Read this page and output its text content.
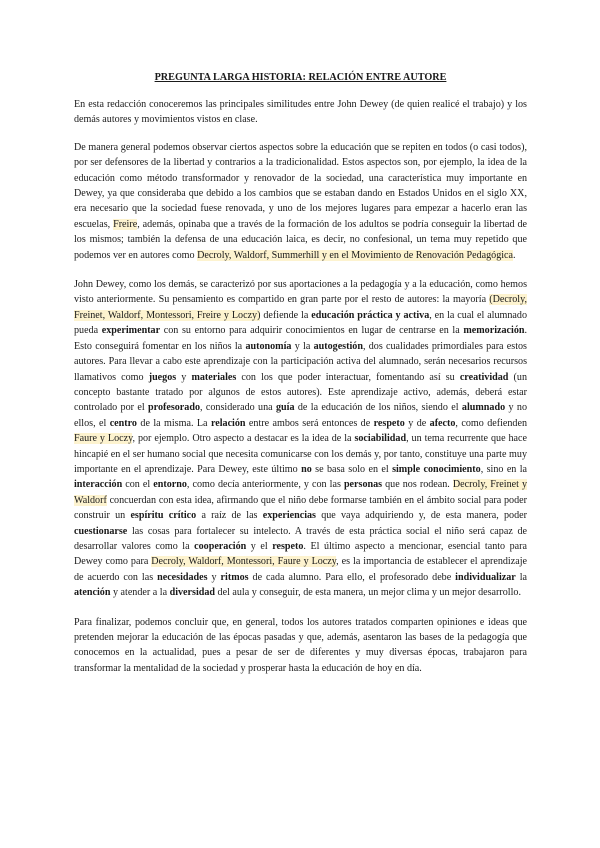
PREGUNTA LARGA HISTORIA: RELACIÓN ENTRE AUTORE

En esta redacción conoceremos las principales similitudes entre John Dewey (de quien realicé el trabajo) y los demás autores y movimientos vistos en clase.

De manera general podemos observar ciertos aspectos sobre la educación que se repiten en todos (o casi todos), por ser defensores de la libertad y contrarios a la tradicionalidad. Estos aspectos son, por ejemplo, la idea de la educación como método transformador y renovador de la sociedad, una característica muy importante en Dewey, ya que consideraba que debido a los cambios que se estaban dando en Estados Unidos en el siglo XX, era necesario que la sociedad fuese renovada, y uno de los mejores lugares para empezar a hacerlo eran las escuelas, Freire, además, opinaba que a través de la formación de los adultos se podría conseguir la libertad de los mismos; también la defensa de una educación laica, es decir, no confesional, un tema muy repetido que podemos ver en autores como Decroly, Waldorf, Summerhill y en el Movimiento de Renovación Pedagógica.

John Dewey, como los demás, se caracterizó por sus aportaciones a la pedagogía y a la educación, como hemos visto anteriormente. Su pensamiento es compartido en gran parte por el resto de autores: la mayoría (Decroly, Freinet, Waldorf, Montessori, Freire y Loczy) defiende la educación práctica y activa, en la cual el alumnado pueda experimentar con su entorno para adquirir conocimientos en lugar de centrarse en la memorización. Esto conseguirá fomentar en los niños la autonomía y la autogestión, dos cualidades primordiales para estos autores. Para llevar a cabo este aprendizaje con la participación activa del alumnado, serán necesarios recursos llamativos como juegos y materiales con los que poder interactuar, fomentando así su creatividad (un concepto bastante tratado por algunos de estos autores). Este aprendizaje activo, además, deberá estar controlado por el profesorado, considerado una guía de la educación de los niños, siendo el alumnado y no ellos, el centro de la misma. La relación entre ambos será entonces de respeto y de afecto, como defienden Faure y Loczy, por ejemplo. Otro aspecto a destacar es la idea de la sociabilidad, un tema recurrente que hace hincapié en el ser humano social que necesita comunicarse con los demás y, por tanto, constituye una parte muy importante en el aprendizaje. Para Dewey, este último no se basa solo en el simple conocimiento, sino en la interacción con el entorno, como decía anteriormente, y con las personas que nos rodean. Decroly, Freinet y Waldorf concuerdan con esta idea, afirmando que el niño debe formarse también en el ámbito social para poder construir un espíritu crítico a raíz de las experiencias que vaya adquiriendo y, de esta manera, poder cuestionarse las cosas para fortalecer su intelecto. A través de esta práctica social el niño será capaz de desarrollar valores como la cooperación y el respeto. El último aspecto a mencionar, esencial tanto para Dewey como para Decroly, Waldorf, Montessori, Faure y Loczy, es la importancia de establecer el aprendizaje de acuerdo con las necesidades y ritmos de cada alumno. Para ello, el profesorado debe individualizar la atención y atender a la diversidad del aula y conseguir, de esta manera, un mejor clima y un mejor desarrollo.

Para finalizar, podemos concluir que, en general, todos los autores tratados comparten opiniones e ideas que pretenden mejorar la educación de las épocas pasadas y que, además, asentaron las bases de la pedagogía que conocemos en la actualidad, pues a pesar de ser de diferentes y muy diversas épocas, trabajaron para transformar la mentalidad de la sociedad y prosperar hasta la educación de hoy en día.
